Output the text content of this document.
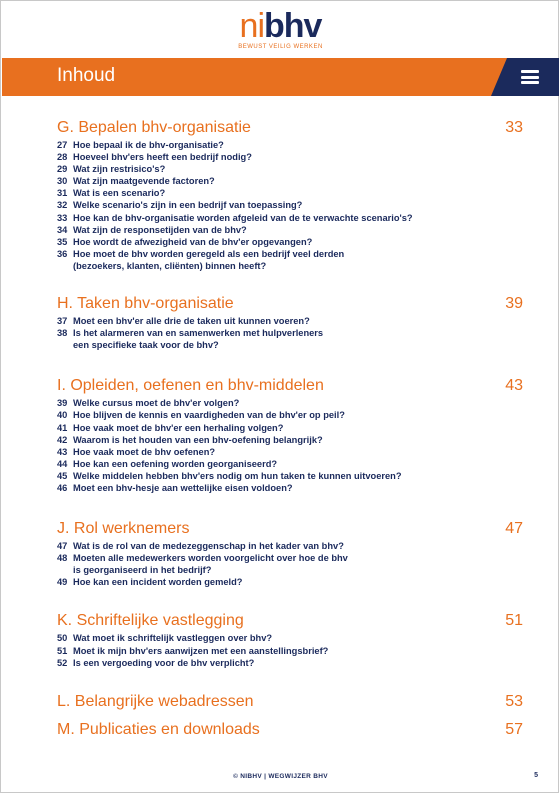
nibhv
BEWUST VEILIG WERKEN
Inhoud
G. Bepalen bhv-organisatie	33
27 Hoe bepaal ik de bhv-organisatie?
28 Hoeveel bhv'ers heeft een bedrijf nodig?
29 Wat zijn restrisico's?
30 Wat zijn maatgevende factoren?
31 Wat is een scenario?
32 Welke scenario's zijn in een bedrijf van toepassing?
33 Hoe kan de bhv-organisatie worden afgeleid van de te verwachte scenario's?
34 Wat zijn de responsetijden van de bhv?
35 Hoe wordt de afwezigheid van de bhv'er opgevangen?
36 Hoe moet de bhv worden geregeld als een bedrijf veel derden
(bezoekers, klanten, cliënten) binnen heeft?
H. Taken bhv-organisatie	39
37 Moet een bhv'er alle drie de taken uit kunnen voeren?
38 Is het alarmeren van en samenwerken met hulpverleners
een specifieke taak voor de bhv?
I. Opleiden, oefenen en bhv-middelen	43
39 Welke cursus moet de bhv'er volgen?
40 Hoe blijven de kennis en vaardigheden van de bhv'er op peil?
41 Hoe vaak moet de bhv'er een herhaling volgen?
42 Waarom is het houden van een bhv-oefening belangrijk?
43 Hoe vaak moet de bhv oefenen?
44 Hoe kan een oefening worden georganiseerd?
45 Welke middelen hebben bhv'ers nodig om hun taken te kunnen uitvoeren?
46 Moet een bhv-hesje aan wettelijke eisen voldoen?
J. Rol werknemers	47
47 Wat is de rol van de medezeggenschap in het kader van bhv?
48 Moeten alle medewerkers worden voorgelicht over hoe de bhv
is georganiseerd in het bedrijf?
49 Hoe kan een incident worden gemeld?
K. Schriftelijke vastlegging	51
50 Wat moet ik schriftelijk vastleggen over bhv?
51 Moet ik mijn bhv'ers aanwijzen met een aanstellingsbrief?
52 Is een vergoeding voor de bhv verplicht?
L. Belangrijke webadressen	53
M. Publicaties en downloads	57
© NIBHV | WEGWIJZER BHV	5
